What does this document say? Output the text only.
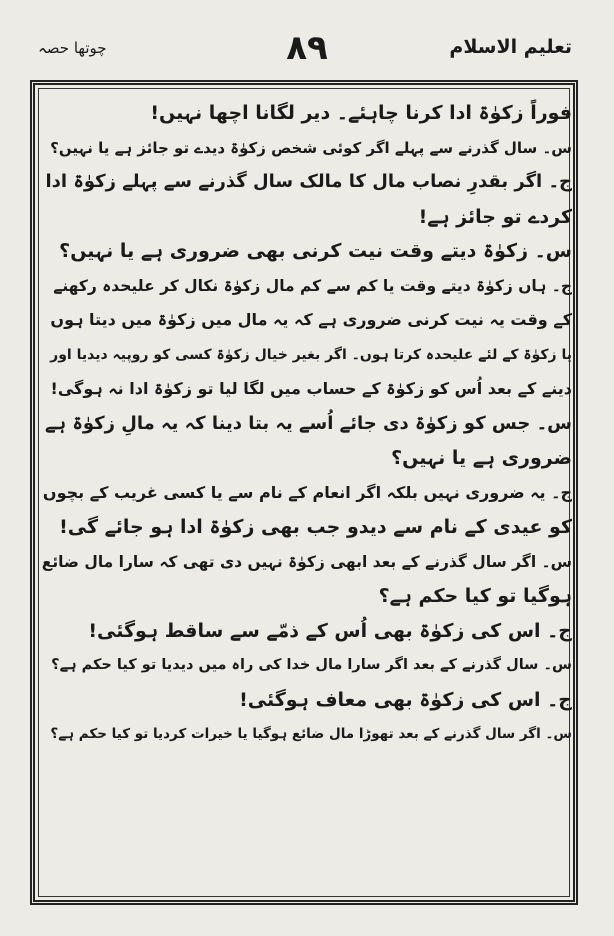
تعلیم الاسلام
۸۹
چوتھا حصہ
فوراً زکوٰۃ ادا کرنا چاہئے۔ دیر لگانا اچھا نہیں!
س۔ سال گذرنے سے پہلے اگر کوئی شخص زکوٰۃ دیدے تو جائز ہے یا نہیں؟
ج۔ اگر بقدرِ نصاب مال کا مالک سال گذرنے سے پہلے زکوٰۃ ادا
کردے تو جائز ہے!
س۔ زکوٰۃ دیتے وقت نیت کرنی بھی ضروری ہے یا نہیں؟
ج۔ ہاں زکوٰۃ دیتے وقت یا کم سے کم مال زکوٰۃ نکال کر علیحدہ رکھنے
کے وقت یہ نیت کرنی ضروری ہے کہ یہ مال میں زکوٰۃ میں دیتا ہوں
یا زکوٰۃ کے لئے علیحدہ کرتا ہوں۔ اگر بغیر خیال زکوٰۃ کسی کو روپیہ دیدیا اور
دینے کے بعد اُس کو زکوٰۃ کے حساب میں لگا لیا تو زکوٰۃ ادا نہ ہوگی!
س۔ جس کو زکوٰۃ دی جائے اُسے یہ بتا دینا کہ یہ مالِ زکوٰۃ ہے
ضروری ہے یا نہیں؟
ج۔ یہ ضروری نہیں بلکہ اگر انعام کے نام سے یا کسی غریب کے بچوں
کو عیدی کے نام سے دیدو جب بھی زکوٰۃ ادا ہو جائے گی!
س۔ اگر سال گذرنے کے بعد ابھی زکوٰۃ نہیں دی تھی کہ سارا مال ضائع
ہوگیا تو کیا حکم ہے؟
ج۔ اس کی زکوٰۃ بھی اُس کے ذمّے سے ساقط ہوگئی!
س۔ سال گذرنے کے بعد اگر سارا مال خدا کی راہ میں دیدیا تو کیا حکم ہے؟
ج۔ اس کی زکوٰۃ بھی معاف ہوگئی!
س۔ اگر سال گذرنے کے بعد تھوڑا مال ضائع ہوگیا یا خیرات کردیا تو کیا حکم ہے؟
